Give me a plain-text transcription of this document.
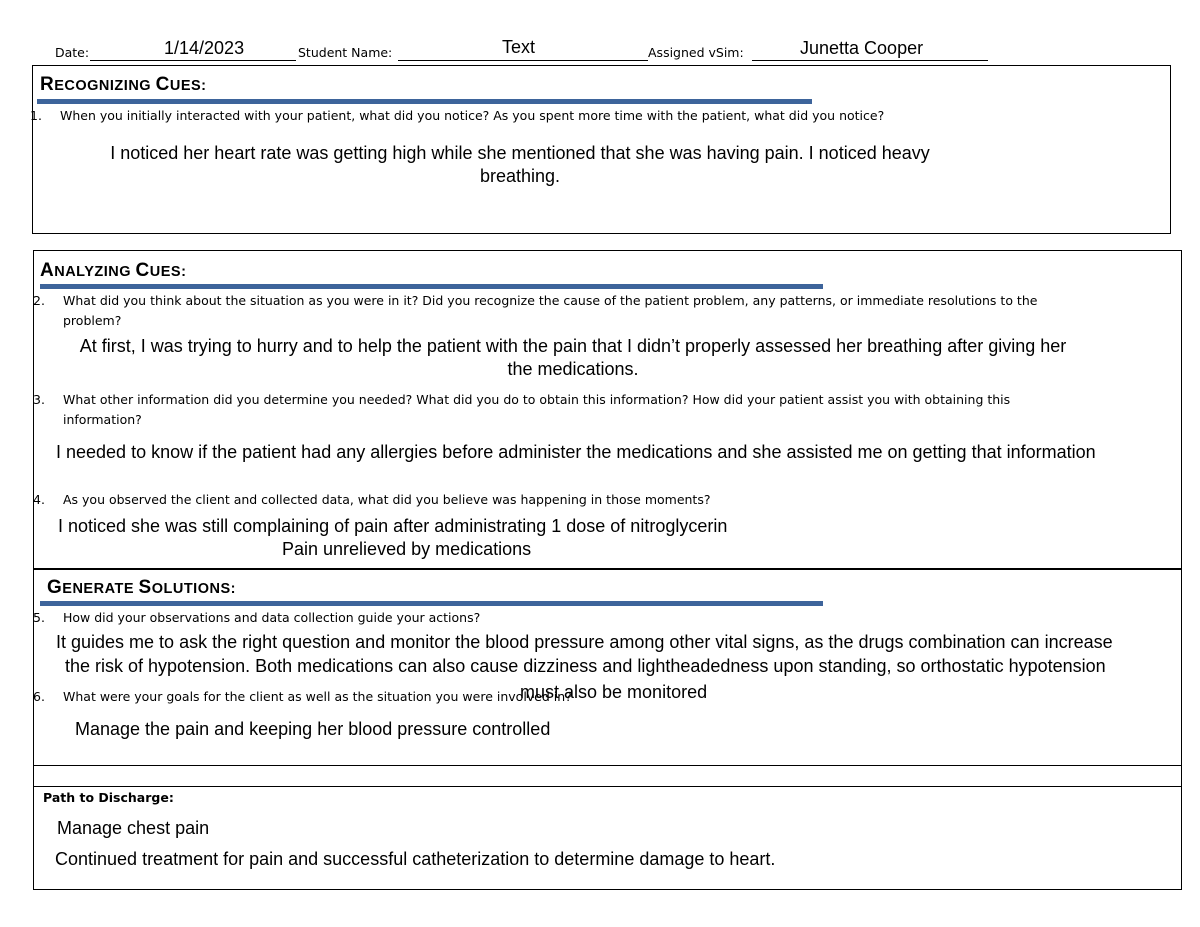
Date:	1/14/2023	Student Name:	Text	Assigned vSim:	Junetta Cooper
RECOGNIZING CUES:
1. When you initially interacted with your patient, what did you notice? As you spent more time with the patient, what did you notice?
I noticed her heart rate was getting high while she mentioned that she was having pain. I noticed heavy
breathing.
ANALYZING CUES:
2. What did you think about the situation as you were in it? Did you recognize the cause of the patient problem, any patterns, or immediate resolutions to the
problem?
At first, I was trying to hurry and to help the patient with the pain that I didn’t properly assessed her breathing after giving her
the medications.
3. What other information did you determine you needed? What did you do to obtain this information? How did your patient assist you with obtaining this
information?
I needed to know if the patient had any allergies before administer the medications and she assisted me on getting that information
4. As you observed the client and collected data, what did you believe was happening in those moments?
I noticed she was still complaining of pain after administrating 1 dose of nitroglycerin
Pain unrelieved by medications
GENERATE SOLUTIONS:
5. How did your observations and data collection guide your actions?
It guides me to ask the right question and monitor the blood pressure among other vital signs, as the drugs combination can increase
the risk of hypotension. Both medications can also cause dizziness and lightheadedness upon standing, so orthostatic hypotension
6. What were your goals for the client as well as the situation you were involved in?
must also be monitored
Manage the pain and keeping her blood pressure controlled
Path to Discharge:
Manage chest pain
Continued treatment for pain and successful catheterization to determine damage to heart.
